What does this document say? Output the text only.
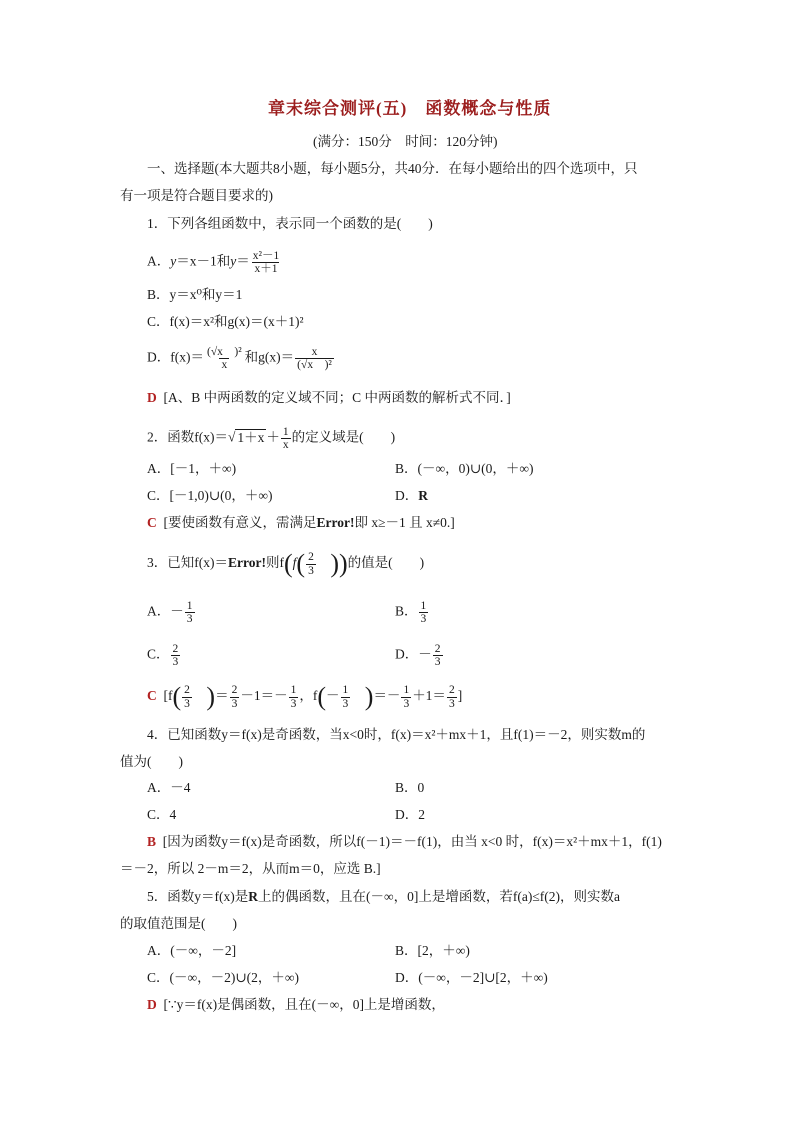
章末综合测评(五)　函数概念与性质
(满分：150分　时间：120分钟)
一、选择题(本大题共8小题，每小题5分，共40分．在每小题给出的四个选项中，只
有一项是符合题目要求的)
1．下列各组函数中，表示同一个函数的是(　　)
A．y＝x－1和$y= \frac{\text{x²－1}}{x+1}$
B．y＝x⁰和y＝1
C．f(x)＝x²和g(x)＝(x＋1)²
D．$f(x)= \frac{\text{(√x　)²}}{x}$ 和$g(x)= \frac{x}{\text{(√x　)²}}$
D [A、B 中两函数的定义域不同；C 中两函数的解析式不同．]
2．函数f(x)＝√ $1+x + \frac{1}{x}$ 的定义域是(　　)
A．[－1，＋∞)	B．(－∞，0)∪(0，＋∞)
C．[－1,0)∪(0，＋∞)	D．R
C [要使函数有意义，需满足Error!即 x≥－1 且 x≠0.]
3．已知f(x)＝Error!则$f(f( \frac{2}{3}$ ))的值是(　　)
A．－ $\frac{1}{3}$	B． $\frac{1}{3}$
C． $\frac{2}{3}$	D．－ $\frac{2}{3}$
C [$f( \frac{2}{3}$ )＝ $\frac{2}{3} -1=- \frac{1}{3}$ ，$f(- \frac{1}{3}$ )＝－ $\frac{1}{3} +1= \frac{2}{3}$ ]
4．已知函数y＝f(x)是奇函数，当x<0时，f(x)＝x²＋mx＋1，且f(1)＝－2，则实数m的
值为(　　)
A．－4	B．0
C．4	D．2
B [因为函数y＝f(x)是奇函数，所以f(－1)＝－f(1)，由当 x<0 时，f(x)＝x²＋mx＋1，f(1)
＝－2，所以 2－m＝2，从而m＝0，应选 B.]
5．函数y＝f(x)是R上的偶函数，且在(－∞，0]上是增函数，若f(a)≤f(2)，则实数a
的取值范围是(　　)
A．(－∞，－2]	B．[2，＋∞)
C．(－∞，－2)∪(2，＋∞)	D．(－∞，－2]∪[2，＋∞)
D [∵y＝f(x)是偶函数，且在(－∞，0]上是增函数，
